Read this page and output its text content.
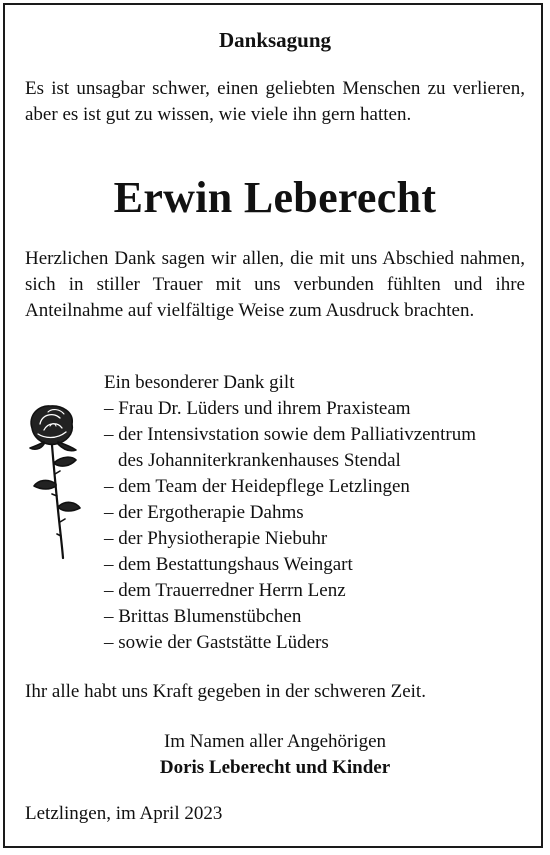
Danksagung
Es ist unsagbar schwer, einen geliebten Menschen zu verlieren, aber es ist gut zu wissen, wie viele ihn gern hatten.
Erwin Leberecht
Herzlichen Dank sagen wir allen, die mit uns Abschied nahmen, sich in stiller Trauer mit uns verbunden fühlten und ihre Anteilnahme auf vielfältige Weise zum Ausdruck brachten.
Ein besonderer Dank gilt
– Frau Dr. Lüders und ihrem Praxisteam
– der Intensivstation sowie dem Palliativzentrum
des Johanniterkrankenhauses Stendal
– dem Team der Heidepflege Letzlingen
– der Ergotherapie Dahms
– der Physiotherapie Niebuhr
– dem Bestattungshaus Weingart
– dem Trauerredner Herrn Lenz
– Brittas Blumenstübchen
– sowie der Gaststätte Lüders
Ihr alle habt uns Kraft gegeben in der schweren Zeit.
Im Namen aller Angehörigen
Doris Leberecht und Kinder
Letzlingen, im April 2023
